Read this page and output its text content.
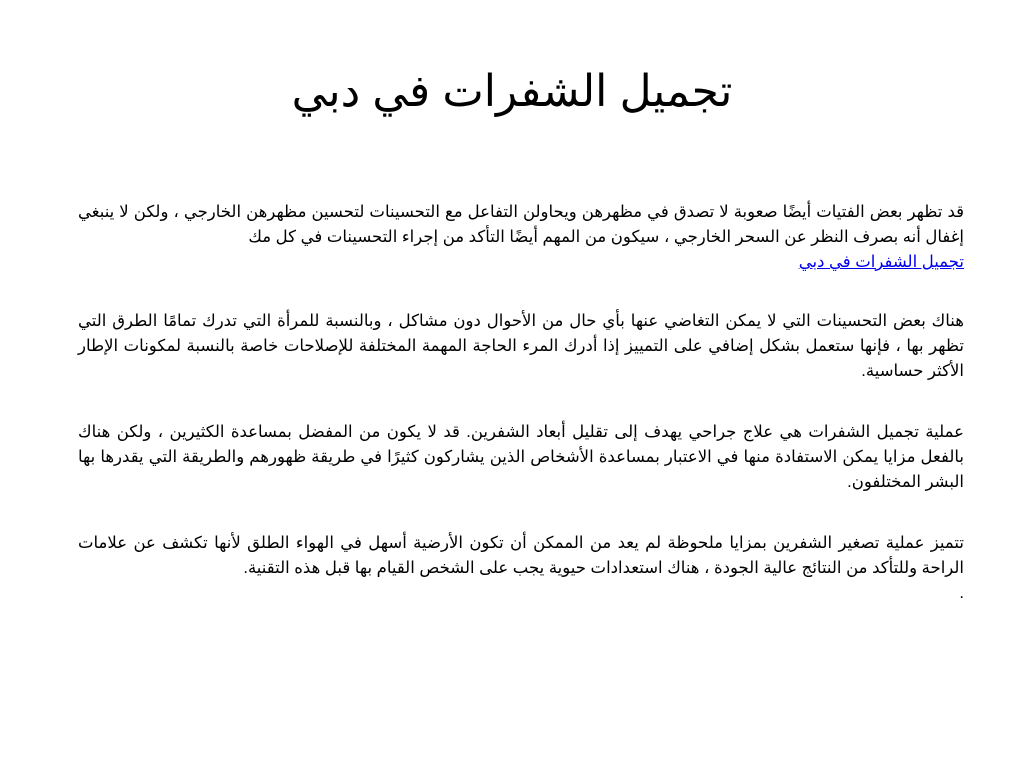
تجميل الشفرات في دبي

قد تظهر بعض الفتيات أيضًا صعوبة لا تصدق في مظهرهن ويحاولن التفاعل مع التحسينات لتحسين مظهرهن الخارجي ، ولكن لا ينبغي إغفال أنه بصرف النظر عن السحر الخارجي ، سيكون من المهم أيضًا التأكد من إجراء التحسينات في كل مك
تجميل الشفرات في دبي

هناك بعض التحسينات التي لا يمكن التغاضي عنها بأي حال من الأحوال دون مشاكل ، وبالنسبة للمرأة التي تدرك تمامًا الطرق التي تظهر بها ، فإنها ستعمل بشكل إضافي على التمييز إذا أدرك المرء الحاجة المهمة المختلفة للإصلاحات خاصة بالنسبة لمكونات الإطار الأكثر حساسية.

عملية تجميل الشفرات هي علاج جراحي يهدف إلى تقليل أبعاد الشفرين. قد لا يكون من المفضل بمساعدة الكثيرين ، ولكن هناك بالفعل مزايا يمكن الاستفادة منها في الاعتبار بمساعدة الأشخاص الذين يشاركون كثيرًا في طريقة ظهورهم والطريقة التي يقدرها بها البشر المختلفون.

تتميز عملية تصغير الشفرين بمزايا ملحوظة لم يعد من الممكن أن تكون الأرضية أسهل في الهواء الطلق لأنها تكشف عن علامات الراحة وللتأكد من النتائج عالية الجودة ، هناك استعدادات حيوية يجب على الشخص القيام بها قبل هذه التقنية.

.
